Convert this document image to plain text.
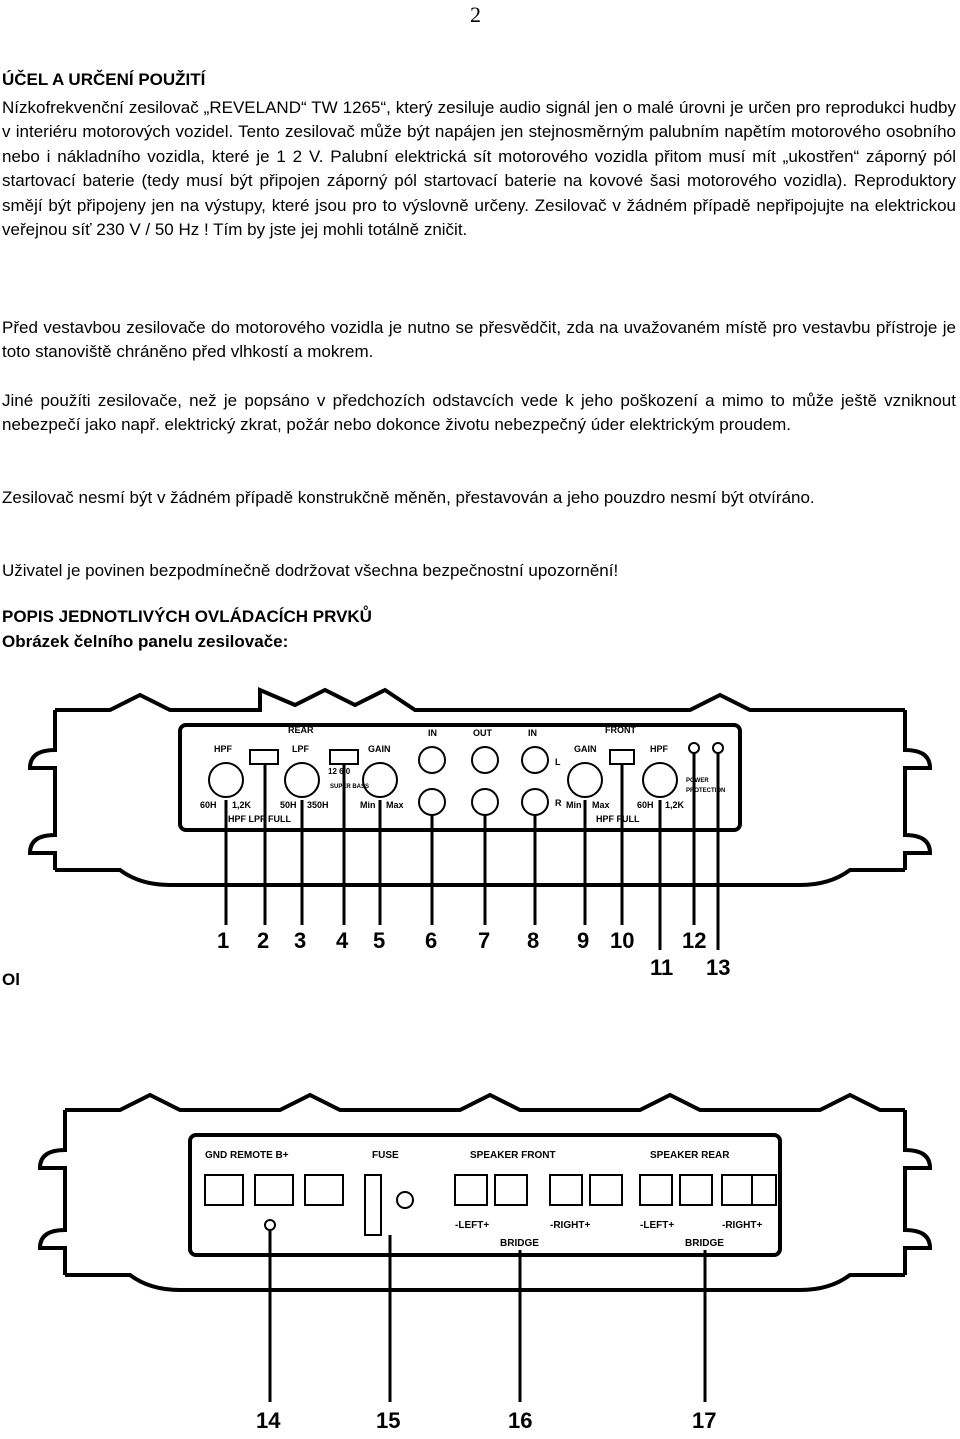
2
ÚČEL A URČENÍ POUŽITÍ
Nízkofrekvenční zesilovač „REVELAND“ TW 1265“, který zesiluje audio signál jen o malé úrovni je určen pro reprodukci hudby v interiéru motorových vozidel. Tento zesilovač může být napájen jen stejnosměrným palubním napětím motorového osobního nebo i nákladního vozidla, které je 1 2 V. Palubní elektrická sít motorového vozidla přitom musí mít „ukostřen“ záporný pól startovací baterie (tedy musí být připojen záporný pól startovací baterie na kovové šasi motorového vozidla). Reproduktory smějí být připojeny jen na výstupy, které jsou pro to výslovně určeny. Zesilovač v žádném případě nepřipojujte na elektrickou veřejnou síť 230 V / 50 Hz ! Tím by jste jej mohli totálně zničit.
Před vestavbou zesilovače do motorového vozidla je nutno se přesvědčit, zda na uvažovaném místě pro vestavbu přístroje je toto stanoviště chráněno před vlhkostí a mokrem.
Jiné použíti zesilovače, než je popsáno v předchozích odstavcích vede k jeho poškození a mimo to může ještě vzniknout nebezpečí jako např. elektrický zkrat, požár nebo dokonce životu nebezpečný úder elektrickým proudem.
Zesilovač nesmí být v žádném případě konstrukčně měněn, přestavován a jeho pouzdro nesmí být otvíráno.
Uživatel je povinen bezpodmínečně dodržovat všechna bezpečnostní upozornění!
POPIS JEDNOTLIVÝCH OVLÁDACÍCH PRVKŮ
Obrázek čelního panelu zesilovače:
REAR	FRONT
IN	OUT	IN
HPF	LPF	GAIN	GAIN	HPF
60H 1,2K	50H 350H	Min Max	Min Max	60H 1,2K
HPF LPF FULL	HPF FULL
12 6 0
SUPER BASS
POWER
PROTECTION
L
R
1 2 3 4 5 6 7 8 9 10
11
12
13
Ol
GND REMOTE B+	FUSE	SPEAKER FRONT	SPEAKER REAR
-LEFT+	-RIGHT+	-LEFT+	-RIGHT+
BRIDGE	BRIDGE
14	15	16	17
